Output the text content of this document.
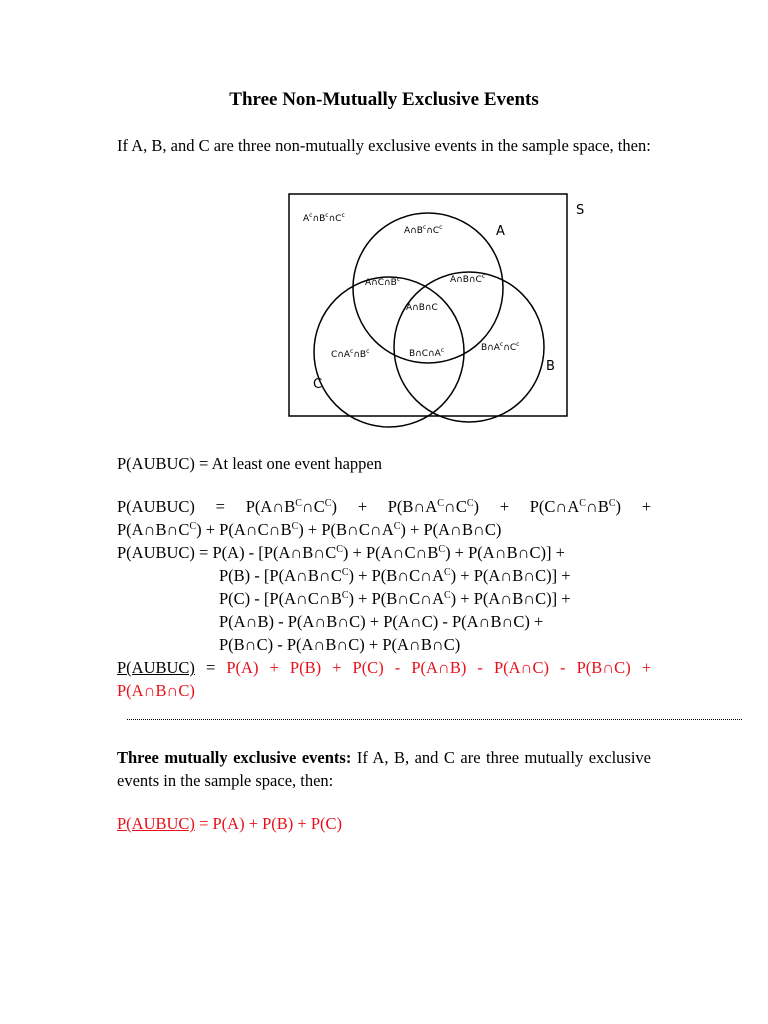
Three Non-Mutually Exclusive Events
If A, B, and C are three non-mutually exclusive events in the sample space, then:
S
A
B
C
$A^c\cap B^c\cap C^c$
$A\cap B^c\cap C^c$
$A\cap C\cap B^c$	$A\cap B\cap C^c$
A∩B∩C
$C\cap A^c\cap B^c$	$B\cap C\cap A^c$	$B\cap A^c\cap C^c$
P(AUBUC) = At least one event happen
P(AUBUC) = $P(A\cap B^C\cap C^C)$ + $P(B\cap A^C\cap C^C)$ + $P(C\cap A^C\cap B^C)$ +
$P(A\cap B\cap C^C)$ + $P(A\cap C\cap B^C)$ + $P(B\cap C\cap A^C)$ + P(A∩B∩C)
P(AUBUC) = $P(A) - [P(A\cap B\cap C^C)$ + $P(A\cap C\cap B^C)$ + P(A∩B∩C)] +
$P(B) - [P(A\cap B\cap C^C)$ + $P(B\cap C\cap A^C)$ + P(A∩B∩C)] +
$P(C) - [P(A\cap C\cap B^C)$ + $P(B\cap C\cap A^C)$ + P(A∩B∩C)] +
P(A∩B) - P(A∩B∩C) + P(A∩C) - P(A∩B∩C) +
P(B∩C) - P(A∩B∩C) + P(A∩B∩C)
P(AUBUC) = P(A) + P(B) + P(C) - P(A∩B) - P(A∩C) - P(B∩C) +
P(A∩B∩C)
Three mutually exclusive events: If A, B, and C are three mutually exclusive events in the sample space, then:
P(AUBUC) = P(A) + P(B) + P(C)
